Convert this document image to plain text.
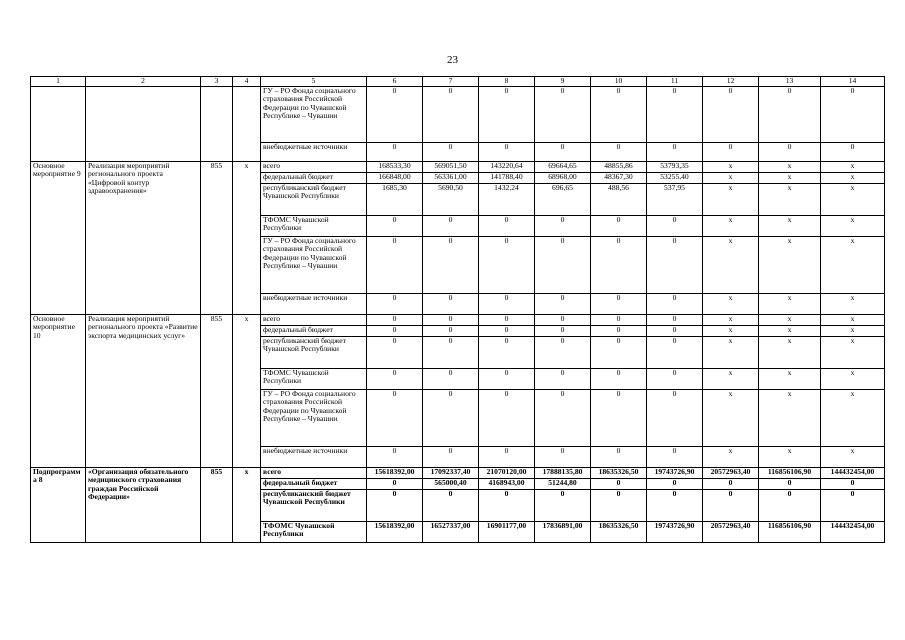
23
1	2	3	4	5	6	7	8	9	10	11	12	13	14
				ГУ – РО Фонда социального страхования Российской Федерации по Чувашской Республике – Чувашии	0	0	0	0	0	0	0	0	0
				внебюджетные источники	0	0	0	0	0	0	0	0	0
Основное мероприятие 9	Реализация мероприятий регионального проекта «Цифровой контур здравоохранения»	855	x	всего	168533,30	569051,50	143220,64	69664,65	48855,86	53793,35	x	x	x
				федеральный бюджет	166848,00	563361,00	141788,40	68968,00	48367,30	53255,40	x	x	x
				республиканский бюджет Чувашской Республики	1685,30	5690,50	1432,24	696,65	488,56	537,95	x	x	x
				ТФОМС Чувашской Республики	0	0	0	0	0	0	x	x	x
				ГУ – РО Фонда социального страхования Российской Федерации по Чувашской Республике – Чувашии	0	0	0	0	0	0	x	x	x
				внебюджетные источники	0	0	0	0	0	0	x	x	x
Основное мероприятие 10	Реализация мероприятий регионального проекта «Развитие экспорта медицинских услуг»	855	x	всего	0	0	0	0	0	0	x	x	x
				федеральный бюджет	0	0	0	0	0	0	x	x	x
				республиканский бюджет Чувашской Республики	0	0	0	0	0	0	x	x	x
				ТФОМС Чувашской Республики	0	0	0	0	0	0	x	x	x
				ГУ – РО Фонда социального страхования Российской Федерации по Чувашской Республике – Чувашии	0	0	0	0	0	0	x	x	x
				внебюджетные источники	0	0	0	0	0	0	x	x	x
Подпрограмма 8	«Организация обязательного медицинского страхования граждан Российской Федерации»	855	x	всего	15618392,00	17092337,40	21070120,00	17888135,80	18635326,50	19743726,90	20572963,40	116856106,90	144432454,00
				федеральный бюджет	0	565000,40	4168943,00	51244,80	0	0	0	0	0
				республиканский бюджет Чувашской Республики	0	0	0	0	0	0	0	0	0
				ТФОМС Чувашской Республики	15618392,00	16527337,00	16901177,00	17836891,00	18635326,50	19743726,90	20572963,40	116856106,90	144432454,00
